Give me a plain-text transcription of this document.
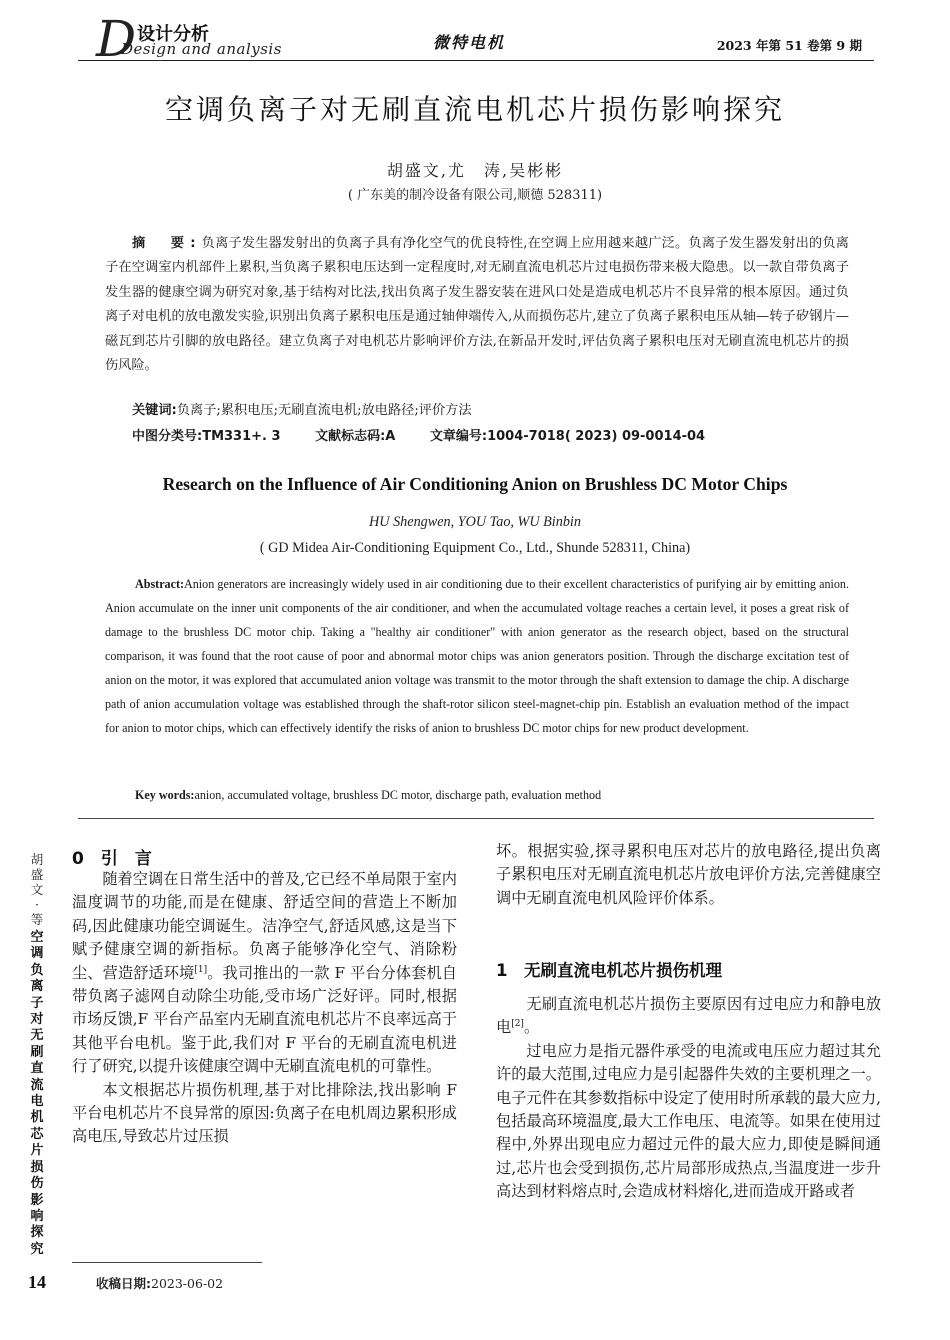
D 设计分析
Design and analysis	微特电机	2023 年第 51 卷第 9 期
空调负离子对无刷直流电机芯片损伤影响探究
胡盛文,尤　涛,吴彬彬
( 广东美的制冷设备有限公司,顺德 528311)
摘　要:负离子发生器发射出的负离子具有净化空气的优良特性,在空调上应用越来越广泛。负离子发生器发射出的负离子在空调室内机部件上累积,当负离子累积电压达到一定程度时,对无刷直流电机芯片过电损伤带来极大隐患。以一款自带负离子发生器的健康空调为研究对象,基于结构对比法,找出负离子发生器安装在进风口处是造成电机芯片不良异常的根本原因。通过负离子对电机的放电激发实验,识别出负离子累积电压是通过轴伸端传入,从而损伤芯片,建立了负离子累积电压从轴—转子矽钢片—磁瓦到芯片引脚的放电路径。建立负离子对电机芯片影响评价方法,在新品开发时,评估负离子累积电压对无刷直流电机芯片的损伤风险。
关键词:负离子;累积电压;无刷直流电机;放电路径;评价方法
中图分类号:TM331+. 3	文献标志码:A	文章编号:1004-7018( 2023) 09-0014-04
Research on the Influence of Air Conditioning Anion on Brushless DC Motor Chips
HU Shengwen, YOU Tao, WU Binbin
( GD Midea Air-Conditioning Equipment Co., Ltd., Shunde 528311, China)
Abstract:Anion generators are increasingly widely used in air conditioning due to their excellent characteristics of purifying air by emitting anion. Anion accumulate on the inner unit components of the air conditioner, and when the accumulated voltage reaches a certain level, it poses a great risk of damage to the brushless DC motor chip. Taking a "healthy air conditioner" with anion generator as the research object, based on the structural comparison, it was found that the root cause of poor and abnormal motor chips was anion generators position. Through the discharge excitation test of anion on the motor, it was explored that accumulated anion voltage was transmit to the motor through the shaft extension to damage the chip. A discharge path of anion accumulation voltage was established through the shaft-rotor silicon steel-magnet-chip pin. Establish an evaluation method of the impact for anion to motor chips, which can effectively identify the risks of anion to brushless DC motor chips for new product development.
Key words:anion, accumulated voltage, brushless DC motor, discharge path, evaluation method
胡
盛
文
·
等
空
调
负
离
子
对
无
刷
直
流
电
机
芯
片
损
伤
影
响
探
究
0　引　言

随着空调在日常生活中的普及,它已经不单局限于室内温度调节的功能,而是在健康、舒适空间的营造上不断加码,因此健康功能空调诞生。洁净空气,舒适风感,这是当下赋予健康空调的新指标。负离子能够净化空气、消除粉尘、营造舒适环境[1]。我司推出的一款 F 平台分体套机自带负离子滤网自动除尘功能,受市场广泛好评。同时,根据市场反馈,F 平台产品室内无刷直流电机芯片不良率远高于其他平台电机。鉴于此,我们对 F 平台的无刷直流电机进行了研究,以提升该健康空调中无刷直流电机的可靠性。

本文根据芯片损伤机理,基于对比排除法,找出影响 F 平台电机芯片不良异常的原因:负离子在电机周边累积形成高电压,导致芯片过压损

坏。根据实验,探寻累积电压对芯片的放电路径,提出负离子累积电压对无刷直流电机芯片放电评价方法,完善健康空调中无刷直流电机风险评价体系。

1　无刷直流电机芯片损伤机理

无刷直流电机芯片损伤主要原因有过电应力和静电放电[2]。

过电应力是指元器件承受的电流或电压应力超过其允许的最大范围,过电应力是引起器件失效的主要机理之一。电子元件在其参数指标中设定了使用时所承载的最大应力,包括最高环境温度,最大工作电压、电流等。如果在使用过程中,外界出现电应力超过元件的最大应力,即使是瞬间通过,芯片也会受到损伤,芯片局部形成热点,当温度进一步升高达到材料熔点时,会造成材料熔化,进而造成开路或者

14	收稿日期:2023-06-02
